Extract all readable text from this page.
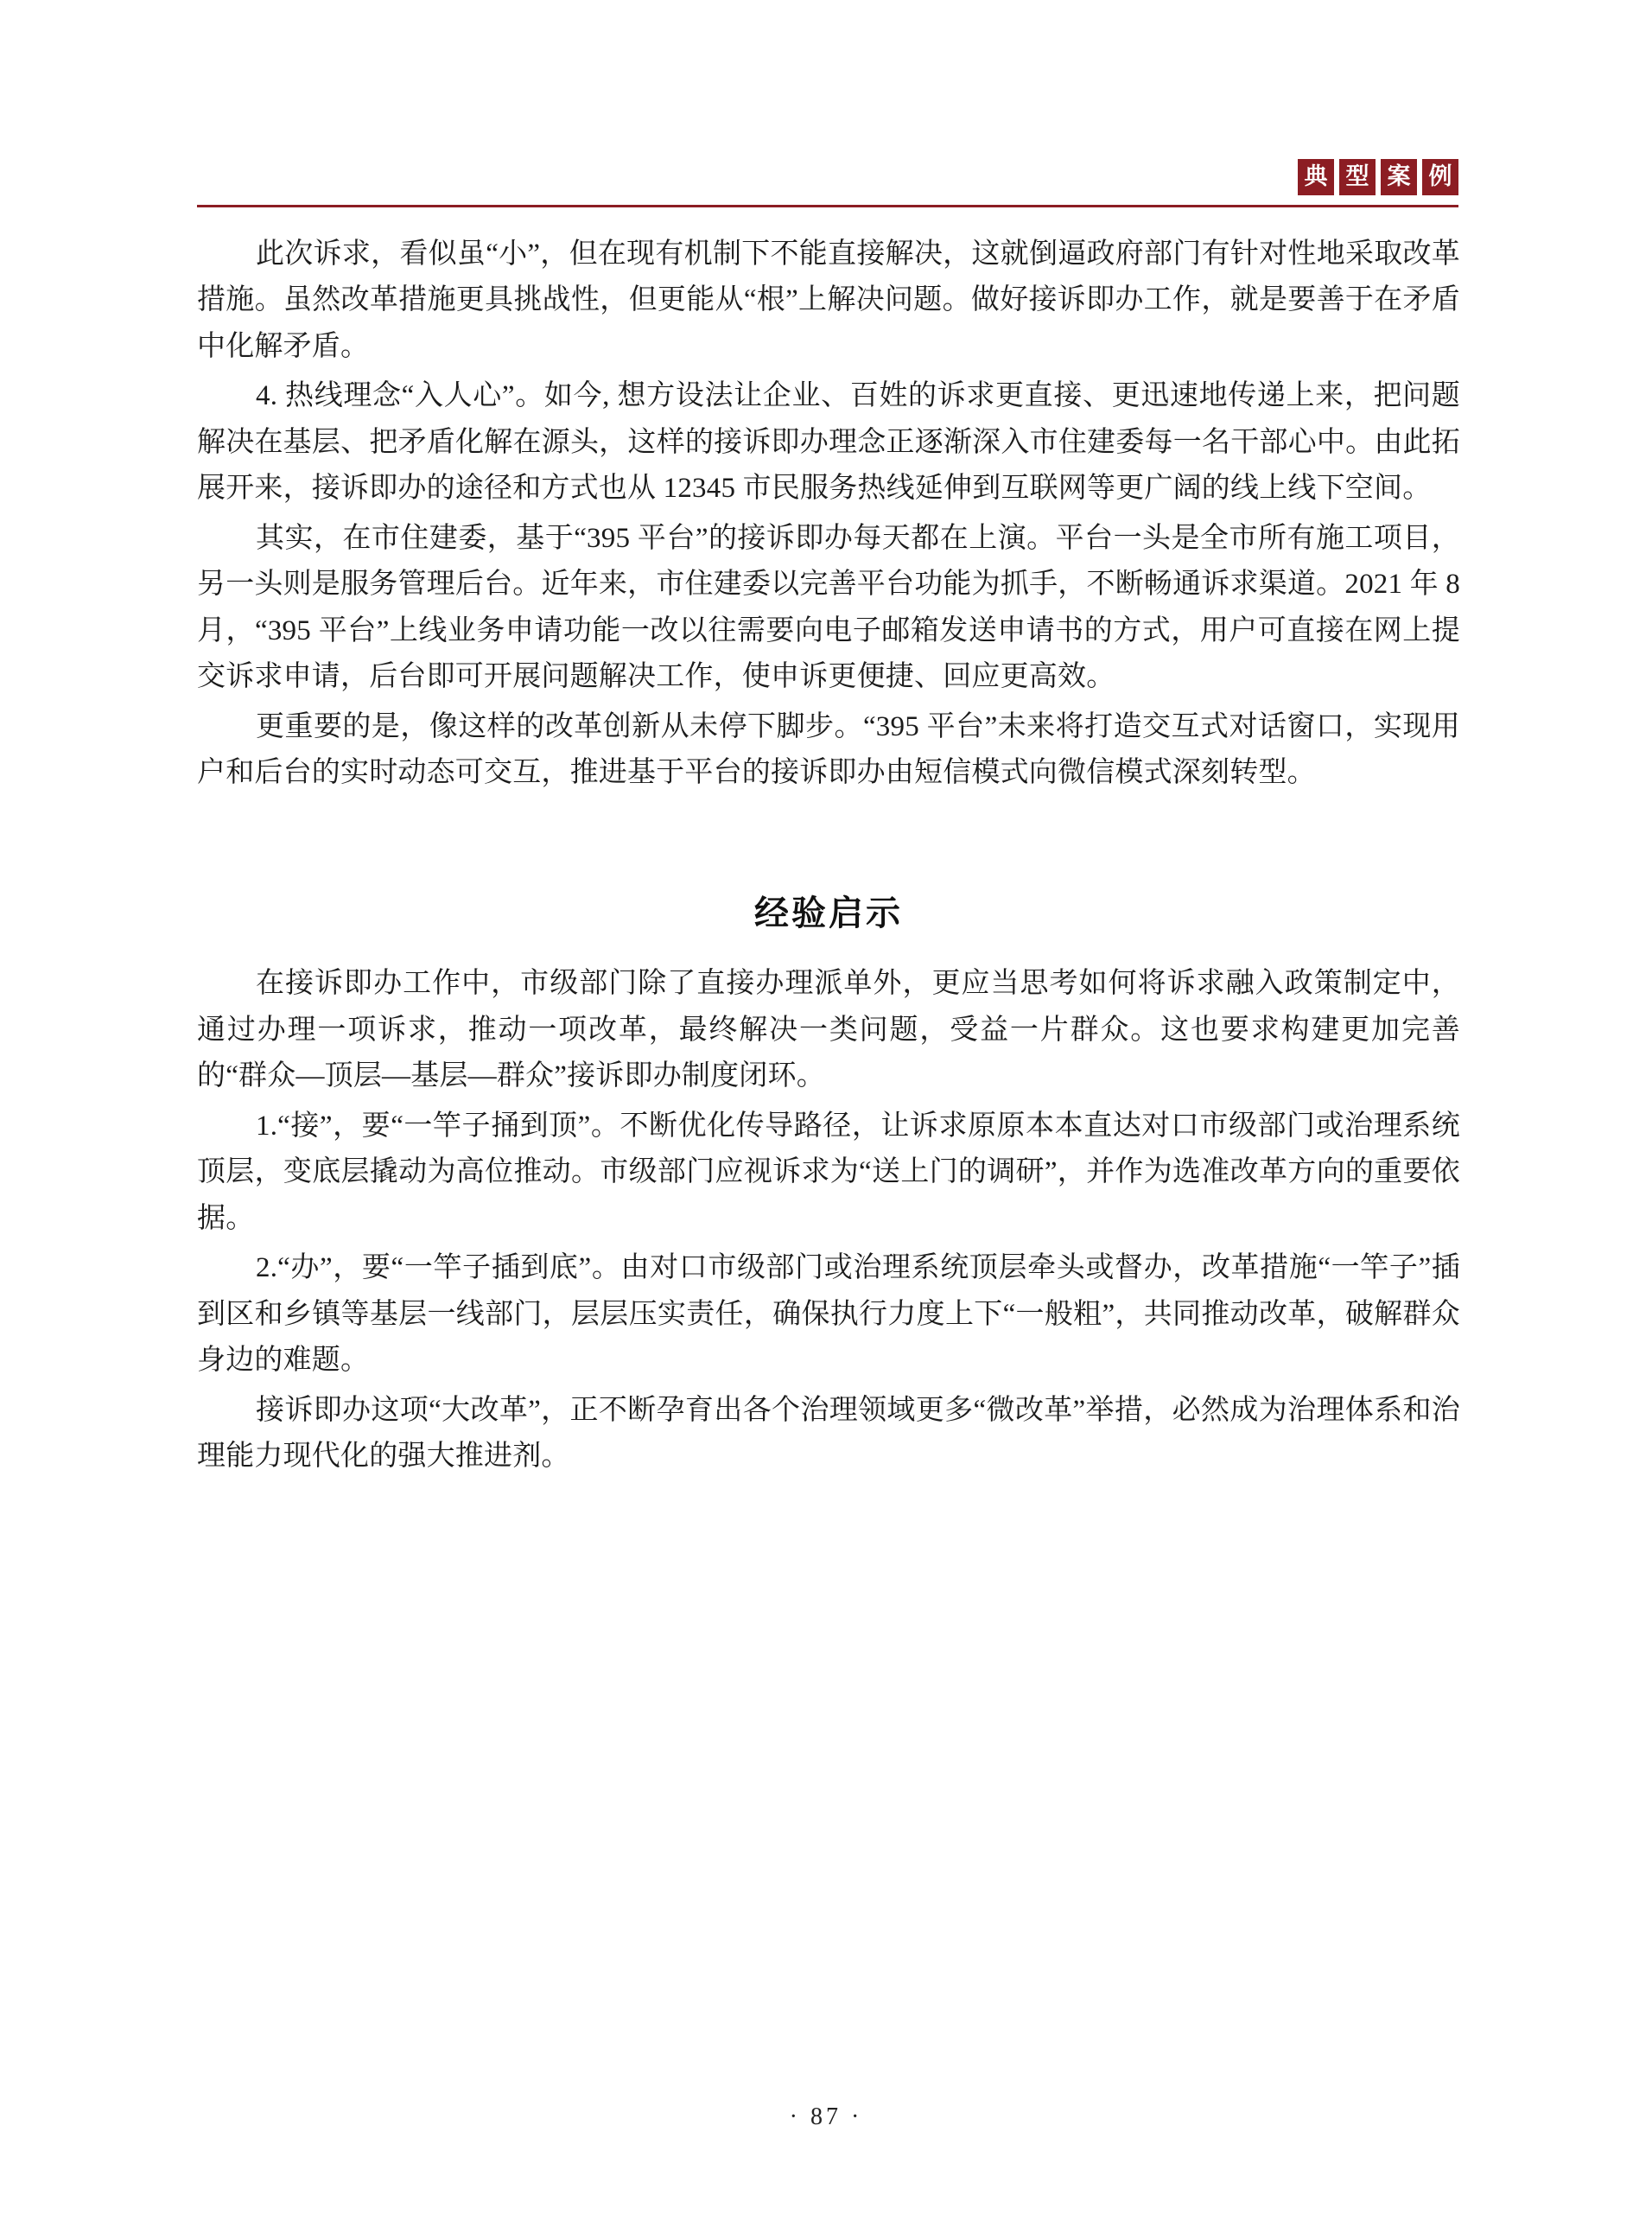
典 型 案 例

此次诉求，看似虽“小”，但在现有机制下不能直接解决，这就倒逼政府部门有针对性地采取改革措施。虽然改革措施更具挑战性，但更能从“根”上解决问题。做好接诉即办工作，就是要善于在矛盾中化解矛盾。

4. 热线理念“入人心”。如今, 想方设法让企业、百姓的诉求更直接、更迅速地传递上来，把问题解决在基层、把矛盾化解在源头，这样的接诉即办理念正逐渐深入市住建委每一名干部心中。由此拓展开来，接诉即办的途径和方式也从 12345 市民服务热线延伸到互联网等更广阔的线上线下空间。

其实，在市住建委，基于“395 平台”的接诉即办每天都在上演。平台一头是全市所有施工项目，另一头则是服务管理后台。近年来，市住建委以完善平台功能为抓手，不断畅通诉求渠道。2021 年 8 月，“395 平台”上线业务申请功能一改以往需要向电子邮箱发送申请书的方式，用户可直接在网上提交诉求申请，后台即可开展问题解决工作，使申诉更便捷、回应更高效。

更重要的是，像这样的改革创新从未停下脚步。“395 平台”未来将打造交互式对话窗口，实现用户和后台的实时动态可交互，推进基于平台的接诉即办由短信模式向微信模式深刻转型。

经验启示

在接诉即办工作中，市级部门除了直接办理派单外，更应当思考如何将诉求融入政策制定中，通过办理一项诉求，推动一项改革，最终解决一类问题，受益一片群众。这也要求构建更加完善的“群众—顶层—基层—群众”接诉即办制度闭环。

1.“接”，要“一竿子捅到顶”。不断优化传导路径，让诉求原原本本直达对口市级部门或治理系统顶层，变底层撬动为高位推动。市级部门应视诉求为“送上门的调研”，并作为选准改革方向的重要依据。

2.“办”，要“一竿子插到底”。由对口市级部门或治理系统顶层牵头或督办，改革措施“一竿子”插到区和乡镇等基层一线部门，层层压实责任，确保执行力度上下“一般粗”，共同推动改革，破解群众身边的难题。

接诉即办这项“大改革”，正不断孕育出各个治理领域更多“微改革”举措，必然成为治理体系和治理能力现代化的强大推进剂。

· 87 ·
